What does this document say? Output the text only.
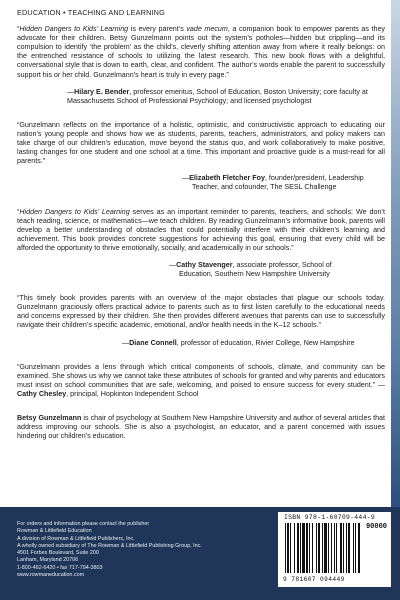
EDUCATION • TEACHING AND LEARNING

“Hidden Dangers to Kids’ Learning is every parent’s vade mecum, a companion book to empower parents as they advocate for their children. Betsy Gunzelmann points out the system’s potholes—hidden but crippling—and its compulsion to identify ‘the problem’ as the child’s, cleverly shifting attention away from where it really belongs: on the entrenched resistance of schools to utilizing the latest research. This new book flows with a delightful, conversational style that is down to earth, clear, and confident. The author’s words enable the parent to successfully support his or her child. Gunzelmann’s heart is truly in every page.”

—Hilary E. Bender, professor emeritus, School of Education, Boston University; core faculty at Massachusetts School of Professional Psychology; and licensed psychologist

“Gunzelmann reflects on the importance of a holistic, optimistic, and constructivistic approach to educating our nation’s young people and shows how we as students, parents, teachers, administrators, and policy makers can take charge of our children’s education, move beyond the status quo, and work collaboratively to make positive, lasting changes for one student and one school at a time. This important and proactive guide is a must-read for all parents.”

—Elizabeth Fletcher Foy, founder/president, Leadership

Teacher, and cofounder, The SESL Challenge

“Hidden Dangers to Kids’ Learning serves as an important reminder to parents, teachers, and schools: We don’t teach reading, science, or mathematics—we teach children. By reading Gunzelmann’s informative book, parents will develop a better understanding of obstacles that could potentially interfere with their children’s learning and achievement. This book provides concrete suggestions for achieving this goal, ensuring that every child will be afforded the opportunity to thrive emotionally, socially, and academically in our schools.”

—Cathy Stavenger, associate professor, School of

Education, Southern New Hampshire University

“This timely book provides parents with an overview of the major obstacles that plague our schools today. Gunzelmann graciously offers practical advice to parents such as to first listen carefully to the educational needs and concerns expressed by their children. She then provides different avenues that parents can use to successfully navigate their children’s specific academic, emotional, and/or health needs in the K–12 schools.”

—Diane Connell, professor of education, Rivier College, New Hampshire

“Gunzelmann provides a lens through which critical components of schools, climate, and community can be examined. She shows us why we cannot take these attributes of schools for granted and why parents and educators must insist on school communities that are safe, welcoming, and poised to ensure success for every student.” —Cathy Chesley, principal, Hopkinton Independent School

Betsy Gunzelmann is chair of psychology at Southern New Hampshire University and author of several articles that address improving our schools. She is also a psychologist, an educator, and a parent concerned with issues hindering our children’s education.

For orders and information please contact the publisher
Rowman & Littlefield Education
A division of Rowman & Littlefield Publishers, Inc.
A wholly owned subsidiary of The Rowman & Littlefield Publishing Group, Inc.
4501 Forbes Boulevard, Suite 200
Lanham, Maryland 20706
1-800-462-6420 • fax 717-794-3803
www.rowmaneducation.com
ISBN 978-1-60709-444-9
90000
9 781607 094449
